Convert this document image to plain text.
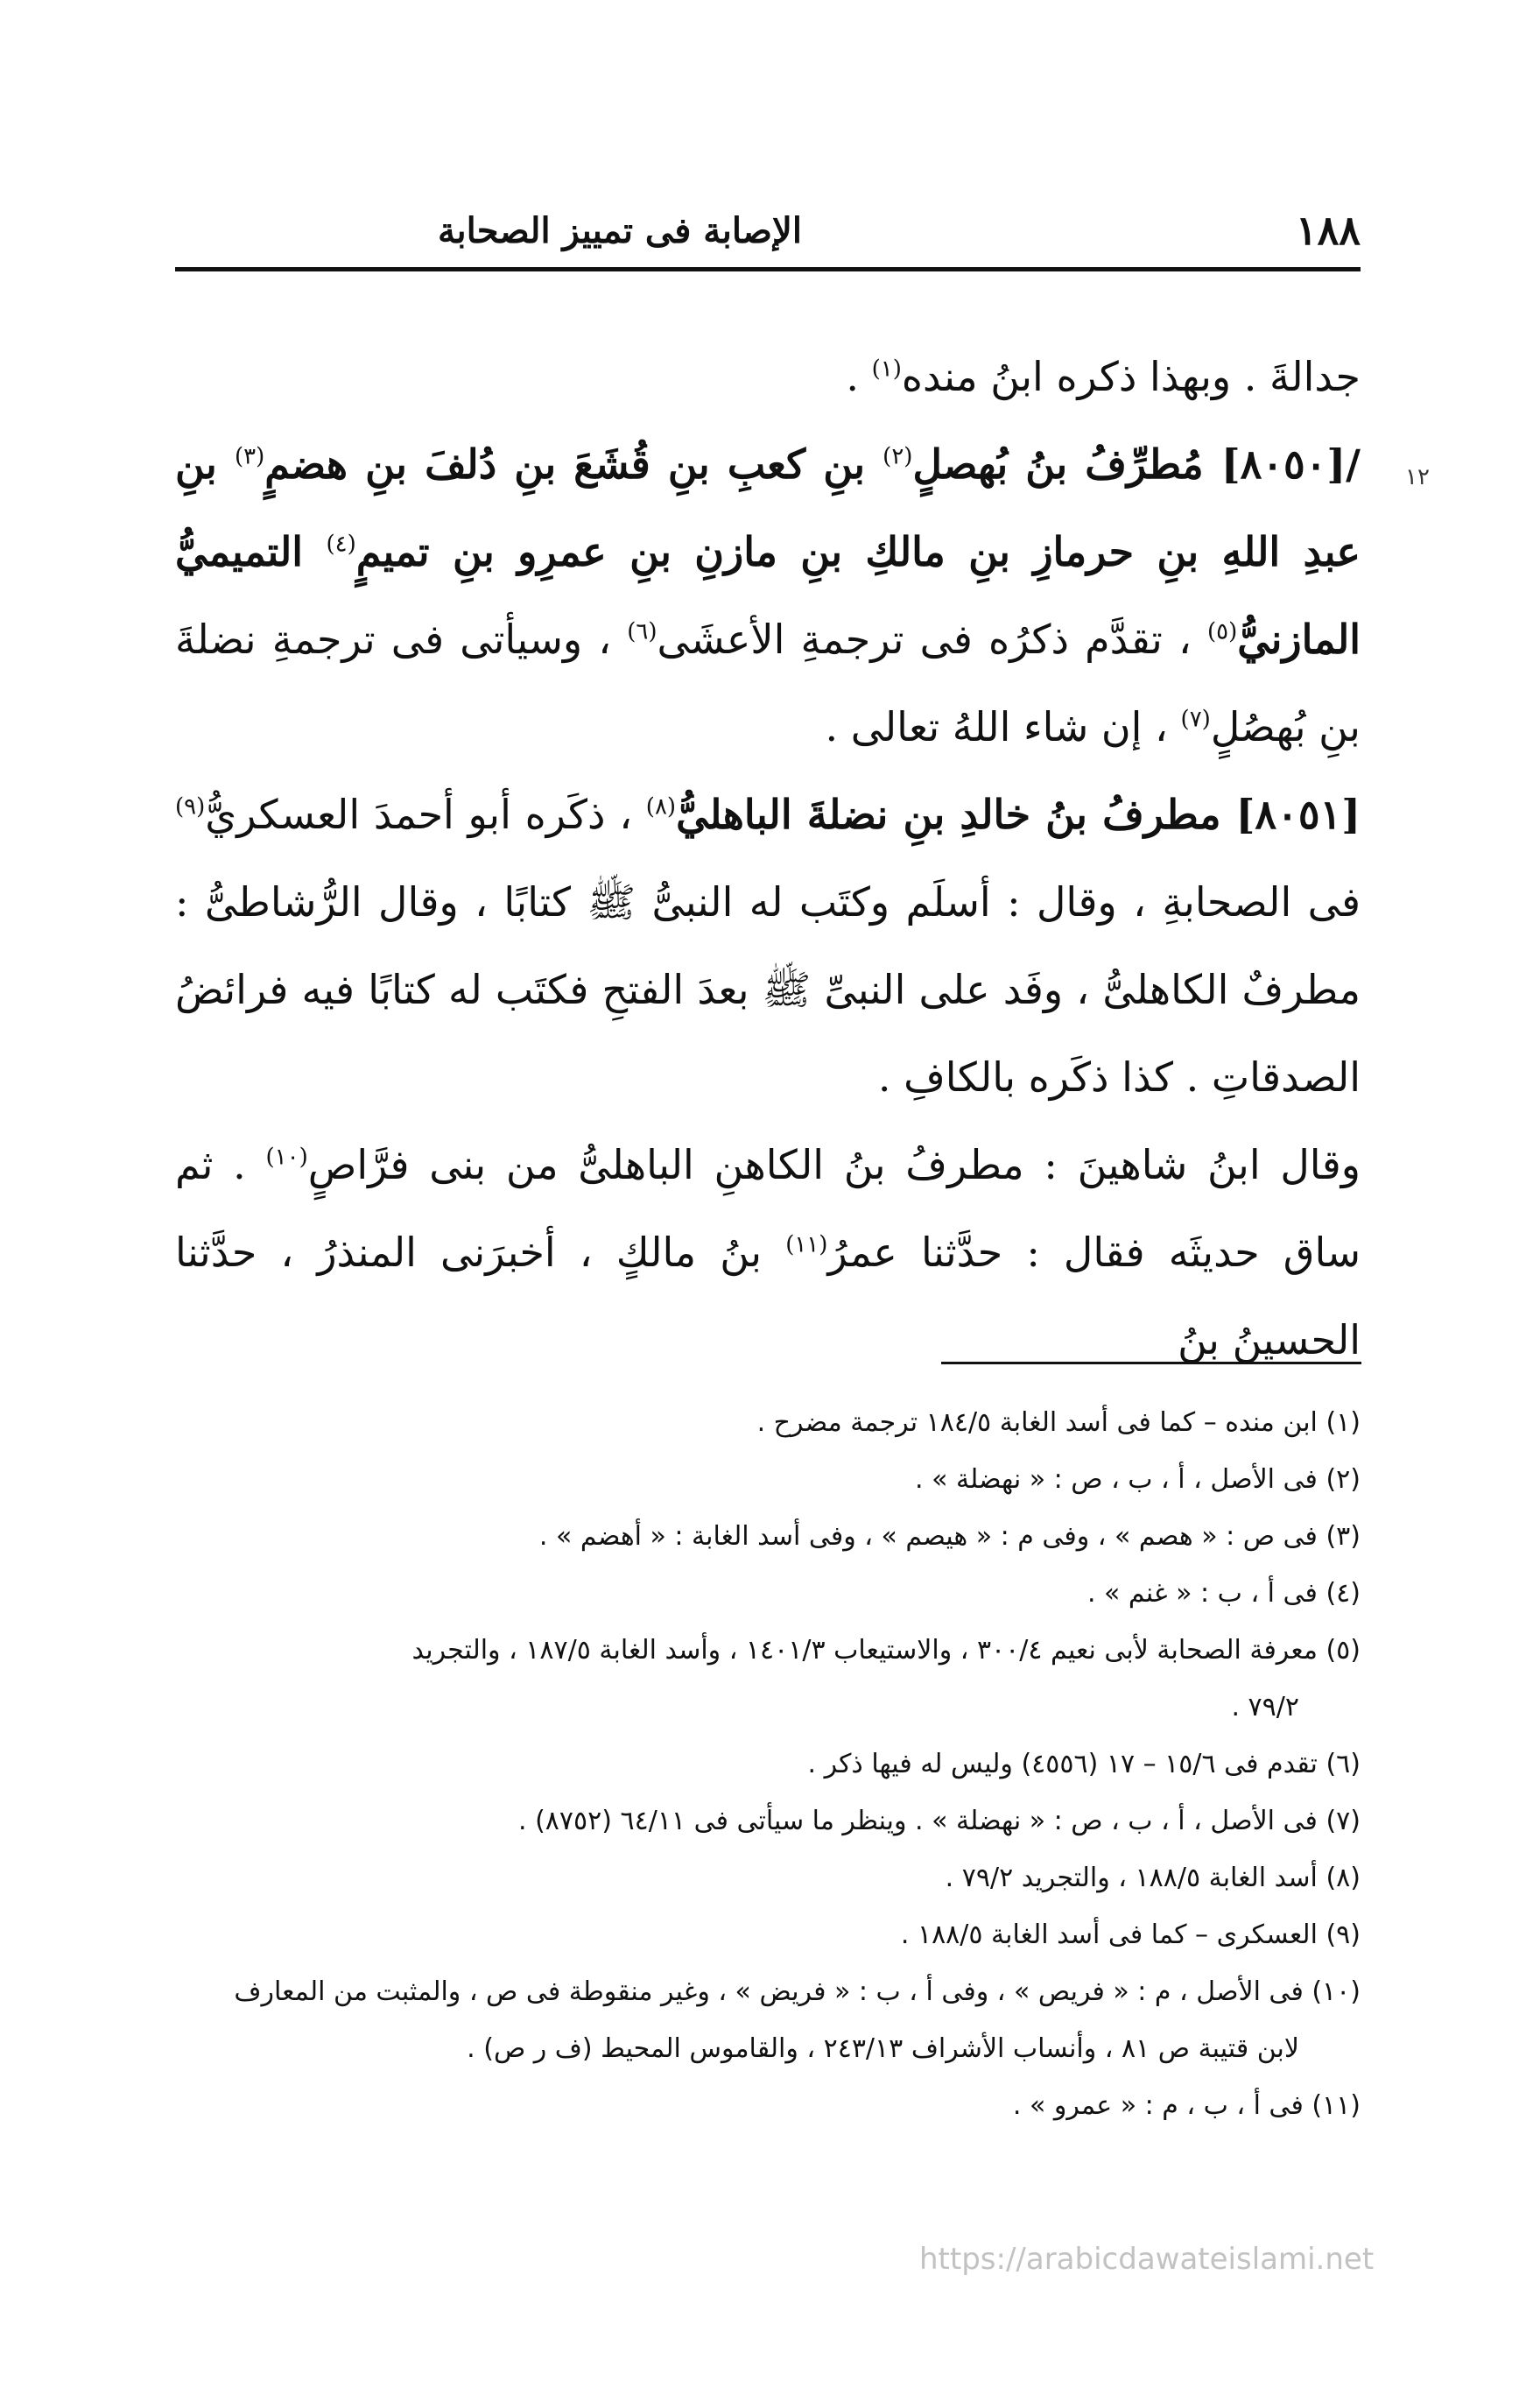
١٨٨
الإصابة فى تمييز الصحابة
١٢

جدالةَ . وبهذا ذكره ابنُ منده$^{(١)}$ .

/[٨٠٥٠] مُطرِّفُ بنُ بُهصلٍ$^{(٢)}$ بنِ كعبِ بنِ قُشَعَ بنِ دُلفَ بنِ هضمٍ$^{(٣)}$ بنِ عبدِ اللهِ بنِ حرمازِ بنِ مالكِ بنِ مازنِ بنِ عمرِو بنِ تميمٍ$^{(٤)}$ التميميُّ المازنيُّ$^{(٥)}$ ، تقدَّم ذكرُه فى ترجمةِ الأعشَى$^{(٦)}$ ، وسيأتى فى ترجمةِ نضلةَ بنِ بُهصُلٍ$^{(٧)}$ ، إن شاء اللهُ تعالى .

[٨٠٥١] مطرفُ بنُ خالدِ بنِ نضلةَ الباهليُّ$^{(٨)}$ ، ذكَره أبو أحمدَ العسكريُّ$^{(٩)}$ فى الصحابةِ ، وقال : أسلَم وكتَب له النبىُّ ﷺ كتابًا ، وقال الرُّشاطىُّ : مطرفٌ الكاهلىُّ ، وفَد على النبىِّ ﷺ بعدَ الفتحِ فكتَب له كتابًا فيه فرائضُ الصدقاتِ . كذا ذكَره بالكافِ .

وقال ابنُ شاهينَ : مطرفُ بنُ الكاهنِ الباهلىُّ من بنى فرَّاصٍ$^{(١٠)}$ . ثم ساق حديثَه فقال : حدَّثنا عمرُ$^{(١١)}$ بنُ مالكٍ ، أخبرَنى المنذرُ ، حدَّثنا الحسينُ بنُ

(١) ابن منده – كما فى أسد الغابة ١٨٤/٥ ترجمة مضرح .

(٢) فى الأصل ، أ ، ب ، ص : « نهضلة » .

(٣) فى ص : « هصم » ، وفى م : « هيصم » ، وفى أسد الغابة : « أهضم » .

(٤) فى أ ، ب : « غنم » .

(٥) معرفة الصحابة لأبى نعيم ٣٠٠/٤ ، والاستيعاب ١٤٠١/٣ ، وأسد الغابة ١٨٧/٥ ، والتجريد
٧٩/٢ .

(٦) تقدم فى ١٥/٦ – ١٧ (٤٥٥٦) وليس له فيها ذكر .

(٧) فى الأصل ، أ ، ب ، ص : « نهضلة » . وينظر ما سيأتى فى ٦٤/١١ (٨٧٥٢) .

(٨) أسد الغابة ١٨٨/٥ ، والتجريد ٧٩/٢ .

(٩) العسكرى – كما فى أسد الغابة ١٨٨/٥ .

(١٠) فى الأصل ، م : « فريص » ، وفى أ ، ب : « فريض » ، وغير منقوطة فى ص ، والمثبت من المعارف
لابن قتيبة ص ٨١ ، وأنساب الأشراف ٢٤٣/١٣ ، والقاموس المحيط (ف ر ص) .

(١١) فى أ ، ب ، م : « عمرو » .

https://arabicdawateislami.net
